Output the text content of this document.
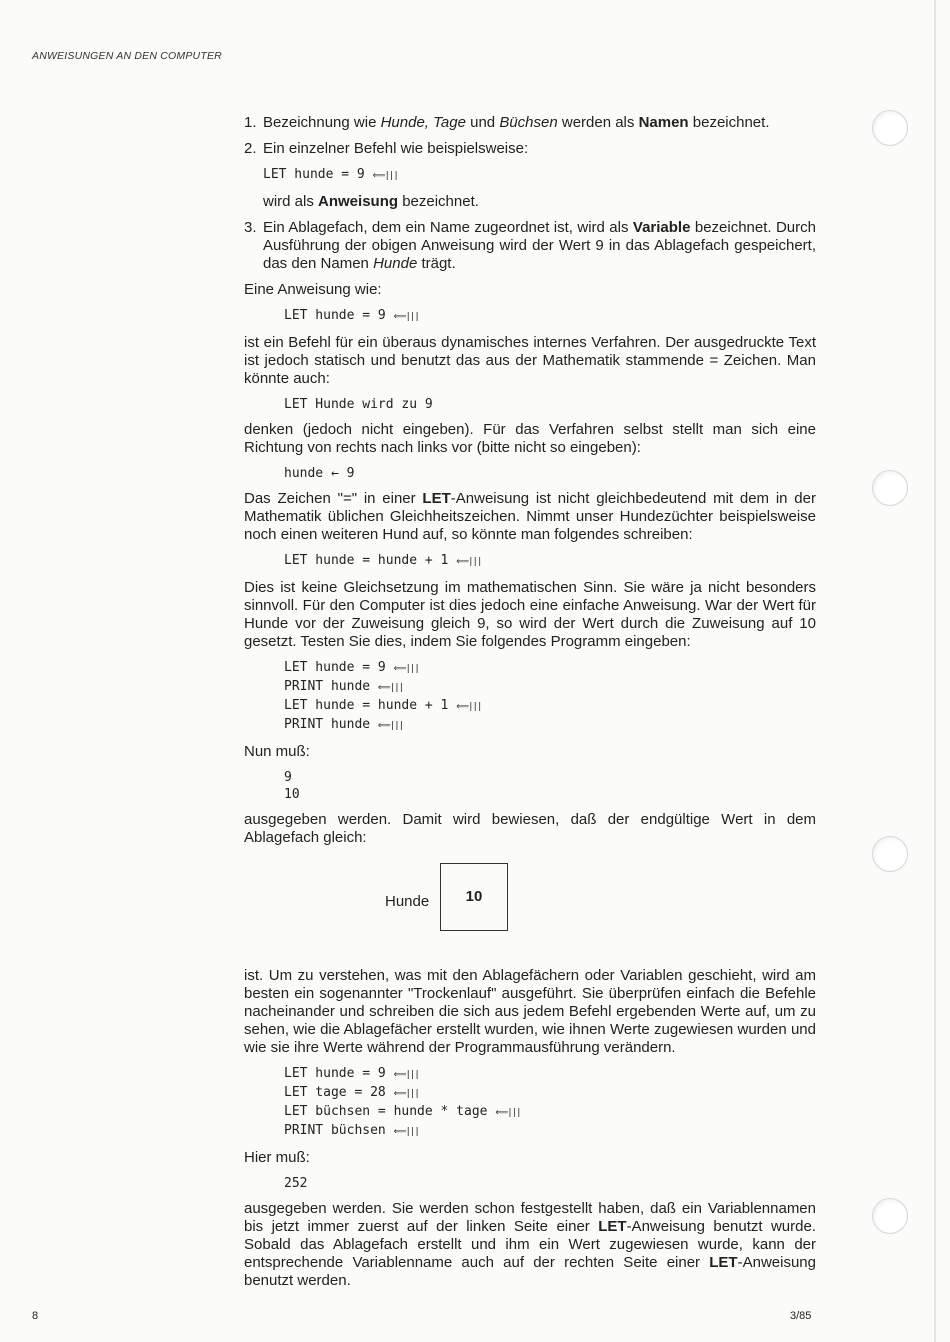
ANWEISUNGEN AN DEN COMPUTER
1. Bezeichnung wie Hunde, Tage und Büchsen werden als Namen bezeichnet.
2. Ein einzelner Befehl wie beispielsweise:
LET hunde = 9 ⟸|||
wird als Anweisung bezeichnet.
3. Ein Ablagefach, dem ein Name zugeordnet ist, wird als Variable bezeichnet. Durch Ausführung der obigen Anweisung wird der Wert 9 in das Ablagefach gespeichert, das den Namen Hunde trägt.

Eine Anweisung wie:

LET hunde = 9 ⟸|||

ist ein Befehl für ein überaus dynamisches internes Verfahren. Der ausgedruckte Text ist jedoch statisch und benutzt das aus der Mathematik stammende = Zeichen. Man könnte auch:

LET Hunde wird zu 9

denken (jedoch nicht eingeben). Für das Verfahren selbst stellt man sich eine Richtung von rechts nach links vor (bitte nicht so eingeben):

hunde ← 9

Das Zeichen "=" in einer LET-Anweisung ist nicht gleichbedeutend mit dem in der Mathematik üblichen Gleichheitszeichen. Nimmt unser Hundezüchter beispielsweise noch einen weiteren Hund auf, so könnte man folgendes schreiben:

LET hunde = hunde + 1 ⟸|||

Dies ist keine Gleichsetzung im mathematischen Sinn. Sie wäre ja nicht besonders sinnvoll. Für den Computer ist dies jedoch eine einfache Anweisung. War der Wert für Hunde vor der Zuweisung gleich 9, so wird der Wert durch die Zuweisung auf 10 gesetzt. Testen Sie dies, indem Sie folgendes Programm eingeben:

LET hunde = 9 ⟸|||
PRINT hunde ⟸|||
LET hunde = hunde + 1 ⟸|||
PRINT hunde ⟸|||

Nun muß:

9
10

ausgegeben werden. Damit wird bewiesen, daß der endgültige Wert in dem Ablagefach gleich:

Hunde	10

ist. Um zu verstehen, was mit den Ablagefächern oder Variablen geschieht, wird am besten ein sogenannter "Trockenlauf" ausgeführt. Sie überprüfen einfach die Befehle nacheinander und schreiben die sich aus jedem Befehl ergebenden Werte auf, um zu sehen, wie die Ablagefächer erstellt wurden, wie ihnen Werte zugewiesen wurden und wie sie ihre Werte während der Programmausführung verändern.

LET hunde = 9 ⟸|||
LET tage = 28 ⟸|||
LET büchsen = hunde * tage ⟸|||
PRINT büchsen ⟸|||

Hier muß:

252

ausgegeben werden. Sie werden schon festgestellt haben, daß ein Variablennamen bis jetzt immer zuerst auf der linken Seite einer LET-Anweisung benutzt wurde. Sobald das Ablagefach erstellt und ihm ein Wert zugewiesen wurde, kann der entsprechende Variablenname auch auf der rechten Seite einer LET-Anweisung benutzt werden.

8	3/85
